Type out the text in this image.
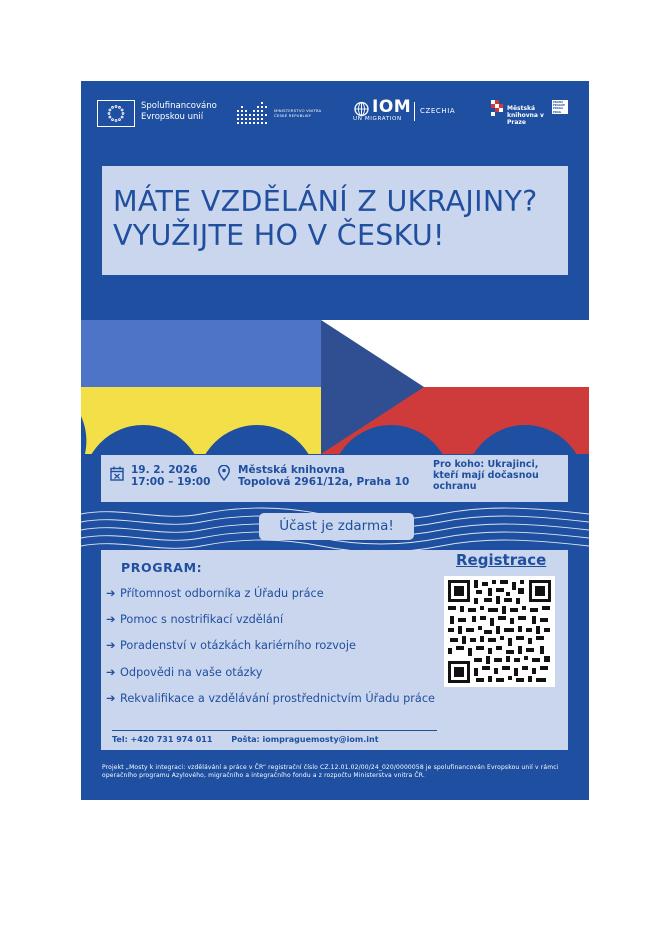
Spolufinancováno Evropskou unií
MINISTERSTVO VNITRA ČESKÉ REPUBLIKY	IOM
UN MIGRATION
CZECHIA	Městská knihovna v Praze
PRAHA PRAGUE PRAGA PRAG PRAGA
MÁTE VZDĚLÁNÍ Z UKRAJINY?
VYUŽIJTE HO V ČESKU!
19. 2. 2026
17:00 – 19:00
Městská knihovna
Topolová 2961/12a, Praha 10
Pro koho: Ukrajinci, kteří mají dočasnou ochranu
Účast je zdarma!
PROGRAM:
➔ Přítomnost odborníka z Úřadu práce
➔ Pomoc s nostrifikací vzdělání
➔ Poradenství v otázkách kariérního rozvoje
➔ Odpovědi na vaše otázky
➔ Rekvalifikace a vzdělávání prostřednictvím Úřadu práce
Registrace
Tel: +420 731 974 011 Pošta: iompraguemosty@iom.int
Projekt „Mosty k integraci: vzdělávání a práce v ČR“ registrační číslo CZ.12.01.02/00/24_020/0000058 je spolufinancován Evropskou unií v rámci operačního programu Azylového, migračního a integračního fondu a z rozpočtu Ministerstva vnitra ČR.
